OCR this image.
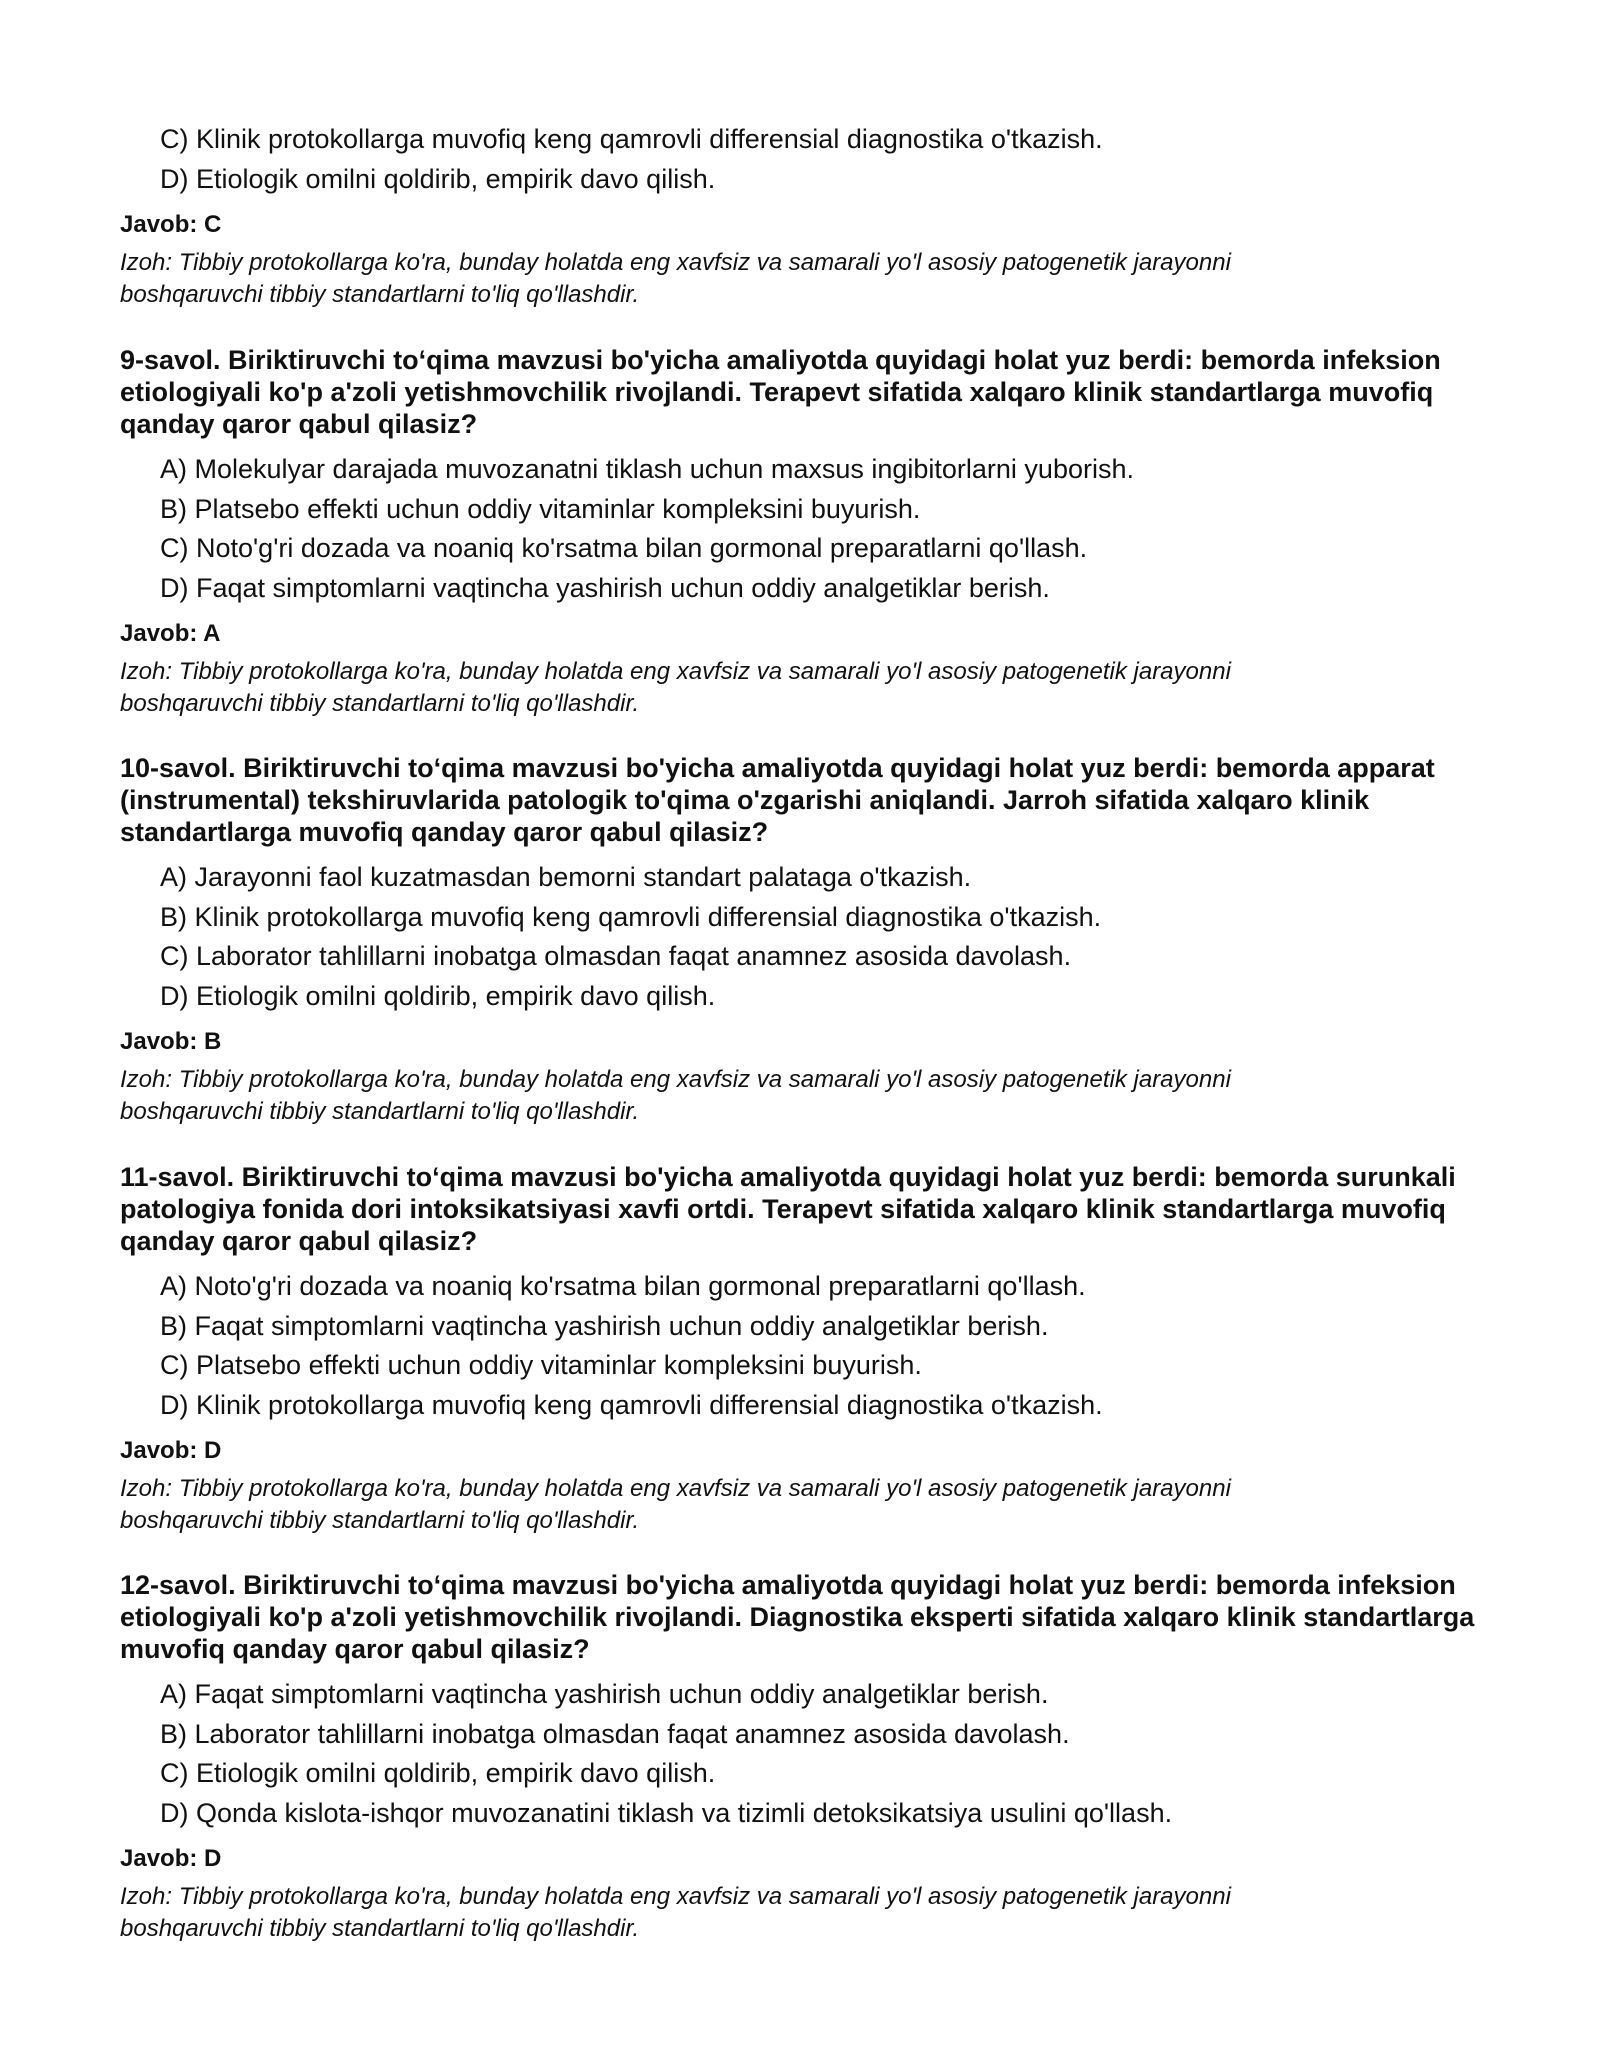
C) Klinik protokollarga muvofiq keng qamrovli differensial diagnostika o'tkazish.
D) Etiologik omilni qoldirib, empirik davo qilish.

Javob: C

Izoh: Tibbiy protokollarga ko'ra, bunday holatda eng xavfsiz va samarali yo'l asosiy patogenetik jarayonni boshqaruvchi tibbiy standartlarni to'liq qo'llashdir.

9-savol. Biriktiruvchi to‘qima mavzusi bo'yicha amaliyotda quyidagi holat yuz berdi: bemorda infeksion etiologiyali ko'p a'zoli yetishmovchilik rivojlandi. Terapevt sifatida xalqaro klinik standartlarga muvofiq qanday qaror qabul qilasiz?

A) Molekulyar darajada muvozanatni tiklash uchun maxsus ingibitorlarni yuborish.
B) Platsebo effekti uchun oddiy vitaminlar kompleksini buyurish.
C) Noto'g'ri dozada va noaniq ko'rsatma bilan gormonal preparatlarni qo'llash.
D) Faqat simptomlarni vaqtincha yashirish uchun oddiy analgetiklar berish.

Javob: A

Izoh: Tibbiy protokollarga ko'ra, bunday holatda eng xavfsiz va samarali yo'l asosiy patogenetik jarayonni boshqaruvchi tibbiy standartlarni to'liq qo'llashdir.

10-savol. Biriktiruvchi to‘qima mavzusi bo'yicha amaliyotda quyidagi holat yuz berdi: bemorda apparat (instrumental) tekshiruvlarida patologik to'qima o'zgarishi aniqlandi. Jarroh sifatida xalqaro klinik standartlarga muvofiq qanday qaror qabul qilasiz?

A) Jarayonni faol kuzatmasdan bemorni standart palataga o'tkazish.
B) Klinik protokollarga muvofiq keng qamrovli differensial diagnostika o'tkazish.
C) Laborator tahlillarni inobatga olmasdan faqat anamnez asosida davolash.
D) Etiologik omilni qoldirib, empirik davo qilish.

Javob: B

Izoh: Tibbiy protokollarga ko'ra, bunday holatda eng xavfsiz va samarali yo'l asosiy patogenetik jarayonni boshqaruvchi tibbiy standartlarni to'liq qo'llashdir.

11-savol. Biriktiruvchi to‘qima mavzusi bo'yicha amaliyotda quyidagi holat yuz berdi: bemorda surunkali patologiya fonida dori intoksikatsiyasi xavfi ortdi. Terapevt sifatida xalqaro klinik standartlarga muvofiq qanday qaror qabul qilasiz?

A) Noto'g'ri dozada va noaniq ko'rsatma bilan gormonal preparatlarni qo'llash.
B) Faqat simptomlarni vaqtincha yashirish uchun oddiy analgetiklar berish.
C) Platsebo effekti uchun oddiy vitaminlar kompleksini buyurish.
D) Klinik protokollarga muvofiq keng qamrovli differensial diagnostika o'tkazish.

Javob: D

Izoh: Tibbiy protokollarga ko'ra, bunday holatda eng xavfsiz va samarali yo'l asosiy patogenetik jarayonni boshqaruvchi tibbiy standartlarni to'liq qo'llashdir.

12-savol. Biriktiruvchi to‘qima mavzusi bo'yicha amaliyotda quyidagi holat yuz berdi: bemorda infeksion etiologiyali ko'p a'zoli yetishmovchilik rivojlandi. Diagnostika eksperti sifatida xalqaro klinik standartlarga muvofiq qanday qaror qabul qilasiz?

A) Faqat simptomlarni vaqtincha yashirish uchun oddiy analgetiklar berish.
B) Laborator tahlillarni inobatga olmasdan faqat anamnez asosida davolash.
C) Etiologik omilni qoldirib, empirik davo qilish.
D) Qonda kislota-ishqor muvozanatini tiklash va tizimli detoksikatsiya usulini qo'llash.

Javob: D

Izoh: Tibbiy protokollarga ko'ra, bunday holatda eng xavfsiz va samarali yo'l asosiy patogenetik jarayonni boshqaruvchi tibbiy standartlarni to'liq qo'llashdir.
